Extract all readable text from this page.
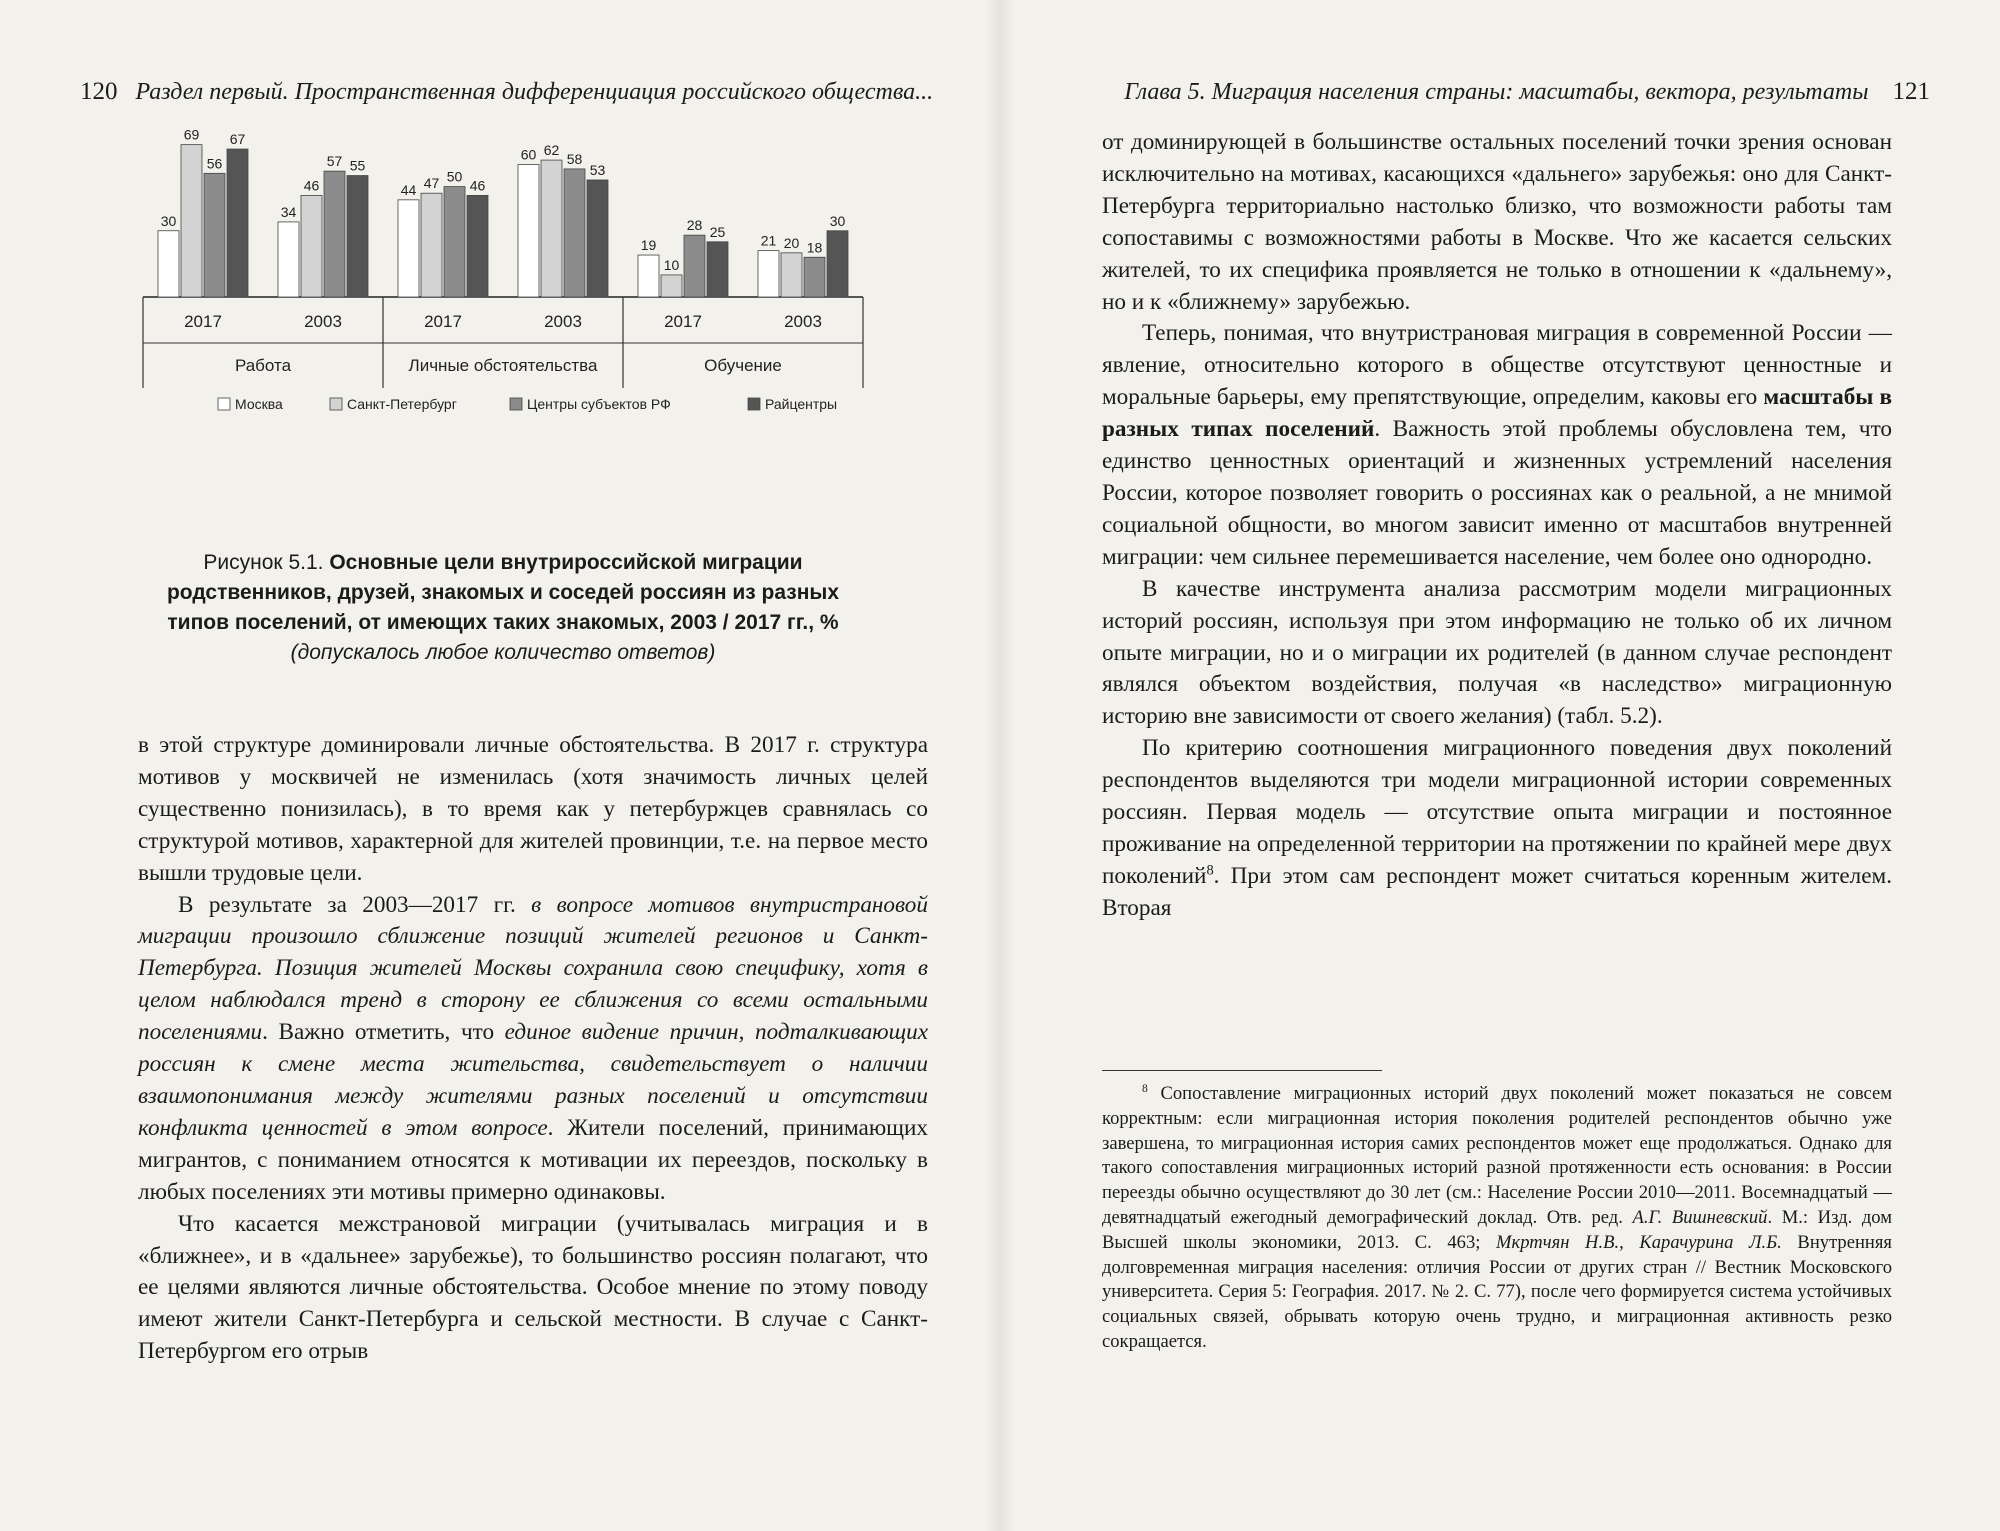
120 Раздел первый. Пространственная дифференциация российского общества...
30
69
56
67
34
46
57 55
44 47 50
46
60 62
58
53
19
10
28 25
21 20 18
30
2017	2003
Работа
2017	2003
Личные обстоятельства
2017	2003
Обучение
Москва	Санкт-Петербург	Центры субъектов РФ	Райцентры
Рисунок 5.1. Основные цели внутрироссийской миграции родственников, друзей, знакомых и соседей россиян из разных типов поселений, от имеющих таких знакомых, 2003 / 2017 гг., %
(допускалось любое количество ответов)

в этой структуре доминировали личные обстоятельства. В 2017 г. структура мотивов у москвичей не изменилась (хотя значимость личных целей существенно понизилась), в то время как у петербуржцев сравнялась со структурой мотивов, характерной для жителей провинции, т.е. на первое место вышли трудовые цели.

В результате за 2003—2017 гг. в вопросе мотивов внутристрановой миграции произошло сближение позиций жителей регионов и Санкт-Петербурга. Позиция жителей Москвы сохранила свою специфику, хотя в целом наблюдался тренд в сторону ее сближения со всеми остальными поселениями. Важно отметить, что единое видение причин, подталкивающих россиян к смене места жительства, свидетельствует о наличии взаимопонимания между жителями разных поселений и отсутствии конфликта ценностей в этом вопросе. Жители поселений, принимающих мигрантов, с пониманием относятся к мотивации их переездов, поскольку в любых поселениях эти мотивы примерно одинаковы.

Что касается межстрановой миграции (учитывалась миграция и в «ближнее», и в «дальнее» зарубежье), то большинство россиян полагают, что ее целями являются личные обстоятельства. Особое мнение по этому поводу имеют жители Санкт-Петербурга и сельской местности. В случае с Санкт-Петербургом его отрыв

Глава 5. Миграция населения страны: масштабы, вектора, результаты 121

от доминирующей в большинстве остальных поселений точки зрения основан исключительно на мотивах, касающихся «дальнего» зарубежья: оно для Санкт-Петербурга территориально настолько близко, что возможности работы там сопоставимы с возможностями работы в Москве. Что же касается сельских жителей, то их специфика проявляется не только в отношении к «дальнему», но и к «ближнему» зарубежью.

Теперь, понимая, что внутристрановая миграция в современной России — явление, относительно которого в обществе отсутствуют ценностные и моральные барьеры, ему препятствующие, определим, каковы его масштабы в разных типах поселений. Важность этой проблемы обусловлена тем, что единство ценностных ориентаций и жизненных устремлений населения России, которое позволяет говорить о россиянах как о реальной, а не мнимой социальной общности, во многом зависит именно от масштабов внутренней миграции: чем сильнее перемешивается население, чем более оно однородно.

В качестве инструмента анализа рассмотрим модели миграционных историй россиян, используя при этом информацию не только об их личном опыте миграции, но и о миграции их родителей (в данном случае респондент являлся объектом воздействия, получая «в наследство» миграционную историю вне зависимости от своего желания) (табл. 5.2).

По критерию соотношения миграционного поведения двух поколений респондентов выделяются три модели миграционной истории современных россиян. Первая модель — отсутствие опыта миграции и постоянное проживание на определенной территории на протяжении по крайней мере двух поколений$^8$. При этом сам респондент может считаться коренным жителем. Вторая

$^8$ Сопоставление миграционных историй двух поколений может показаться не совсем корректным: если миграционная история поколения родителей респондентов обычно уже завершена, то миграционная история самих респондентов может еще продолжаться. Однако для такого сопоставления миграционных историй разной протяженности есть основания: в России переезды обычно осуществляют до 30 лет (см.: Население России 2010—2011. Восемнадцатый — девятнадцатый ежегодный демографический доклад. Отв. ред. А.Г. Вишневский. М.: Изд. дом Высшей школы экономики, 2013. С. 463; Мкртчян Н.В., Карачурина Л.Б. Внутренняя долговременная миграция населения: отличия России от других стран // Вестник Московского университета. Серия 5: География. 2017. № 2. С. 77), после чего формируется система устойчивых социальных связей, обрывать которую очень трудно, и миграционная активность резко сокращается.
